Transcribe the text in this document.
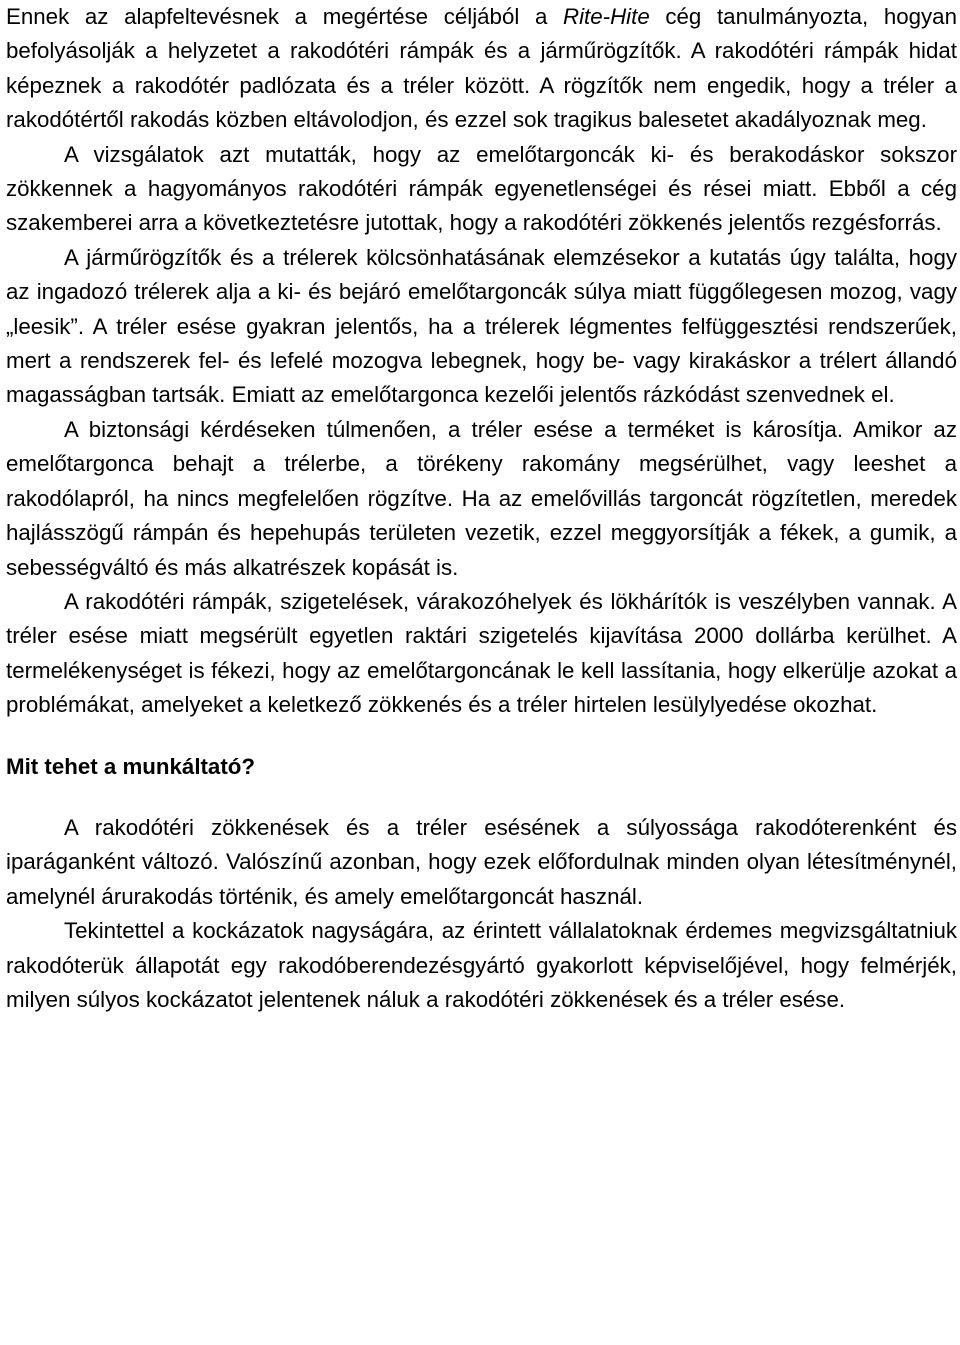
Ennek az alapfeltevésnek a megértése céljából a Rite-Hite cég tanulmányozta, hogyan befolyásolják a helyzetet a rakodótéri rámpák és a járműrögzítők. A rakodótéri rámpák hidat képeznek a rakodótér padlózata és a tréler között. A rögzítők nem engedik, hogy a tréler a rakodótértől rakodás közben eltávolodjon, és ezzel sok tragikus balesetet akadályoznak meg.

A vizsgálatok azt mutatták, hogy az emelőtargoncák ki- és berakodáskor sokszor zökkennek a hagyományos rakodótéri rámpák egyenetlenségei és rései miatt. Ebből a cég szakemberei arra a következtetésre jutottak, hogy a rakodótéri zökkenés jelentős rezgésforrás.

A járműrögzítők és a trélerek kölcsönhatásának elemzésekor a kutatás úgy találta, hogy az ingadozó trélerek alja a ki- és bejáró emelőtargoncák súlya miatt függőlegesen mozog, vagy „leesik”. A tréler esése gyakran jelentős, ha a trélerek légmentes felfüggesztési rendszerűek, mert a rendszerek fel- és lefelé mozogva lebegnek, hogy be- vagy kirakáskor a trélert állandó magasságban tartsák. Emiatt az emelőtargonca kezelői jelentős rázkódást szenvednek el.

A biztonsági kérdéseken túlmenően, a tréler esése a terméket is károsítja. Amikor az emelőtargonca behajt a trélerbe, a törékeny rakomány megsérülhet, vagy leeshet a rakodólapról, ha nincs megfelelően rögzítve. Ha az emelővillás targoncát rögzítetlen, meredek hajlásszögű rámpán és hepehupás területen vezetik, ezzel meggyorsítják a fékek, a gumik, a sebességváltó és más alkatrészek kopását is.

A rakodótéri rámpák, szigetelések, várakozóhelyek és lökhárítók is veszélyben vannak. A tréler esése miatt megsérült egyetlen raktári szigetelés kijavítása 2000 dollárba kerülhet. A termelékenységet is fékezi, hogy az emelőtargoncának le kell lassítania, hogy elkerülje azokat a problémákat, amelyeket a keletkező zökkenés és a tréler hirtelen lesülylyedése okozhat.

Mit tehet a munkáltató?

A rakodótéri zökkenések és a tréler esésének a súlyossága rakodóterenként és iparáganként változó. Valószínű azonban, hogy ezek előfordulnak minden olyan létesítménynél, amelynél árurakodás történik, és amely emelőtargoncát használ.

Tekintettel a kockázatok nagyságára, az érintett vállalatoknak érdemes megvizsgáltatniuk rakodóterük állapotát egy rakodóberendezésgyártó gyakorlott képviselőjével, hogy felmérjék, milyen súlyos kockázatot jelentenek náluk a rakodótéri zökkenések és a tréler esése.
